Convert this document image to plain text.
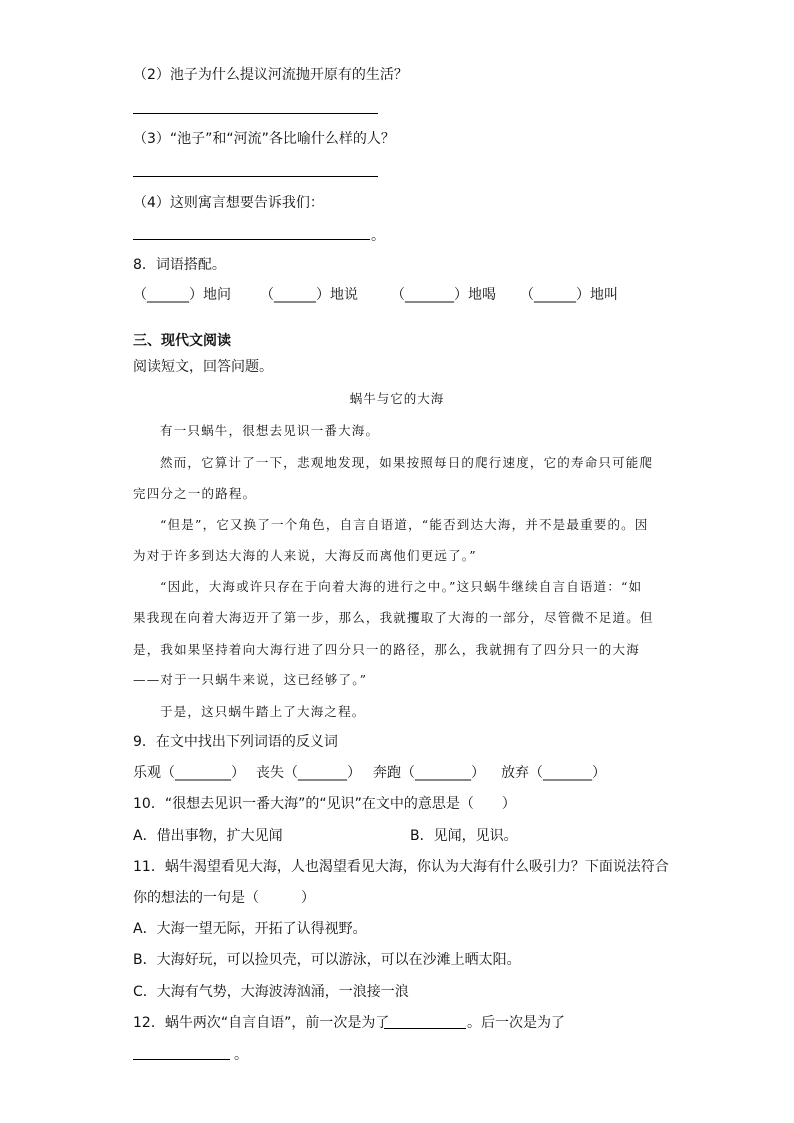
（2）池子为什么提议河流抛开原有的生活？
（3）“池子”和“河流”各比喻什么样的人？
（4）这则寓言想要告诉我们：
。
8．词语搭配。
（______）地问 （______）地说 （_______）地喝 （______）地叫
三、现代文阅读
阅读短文，回答问题。
蜗牛与它的大海
有一只蜗牛，很想去见识一番大海。
然而，它算计了一下，悲观地发现，如果按照每日的爬行速度，它的寿命只可能爬
完四分之一的路程。
“但是”，它又换了一个角色，自言自语道，“能否到达大海，并不是最重要的。因
为对于许多到达大海的人来说，大海反而离他们更远了。”
“因此，大海或许只存在于向着大海的进行之中。”这只蜗牛继续自言自语道：“如
果我现在向着大海迈开了第一步，那么，我就攫取了大海的一部分，尽管微不足道。但
是，我如果坚持着向大海行进了四分只一的路径，那么，我就拥有了四分只一的大海
——对于一只蜗牛来说，这已经够了。”
于是，这只蜗牛踏上了大海之程。
9．在文中找出下列词语的反义词
乐观（________） 丧失（_______） 奔跑（________） 放弃（_______）
10．“很想去见识一番大海”的“见识”在文中的意思是（　　）
A．借出事物，扩大见闻	B．见闻，见识。
11．蜗牛渴望看见大海，人也渴望看见大海，你认为大海有什么吸引力？下面说法符合
你的想法的一句是（　　　）
A．大海一望无际，开拓了认得视野。
B．大海好玩，可以捡贝壳，可以游泳，可以在沙滩上晒太阳。
C．大海有气势，大海波涛汹涌，一浪接一浪
12．蜗牛两次“自言自语”，前一次是为了	。后一次是为了
。
